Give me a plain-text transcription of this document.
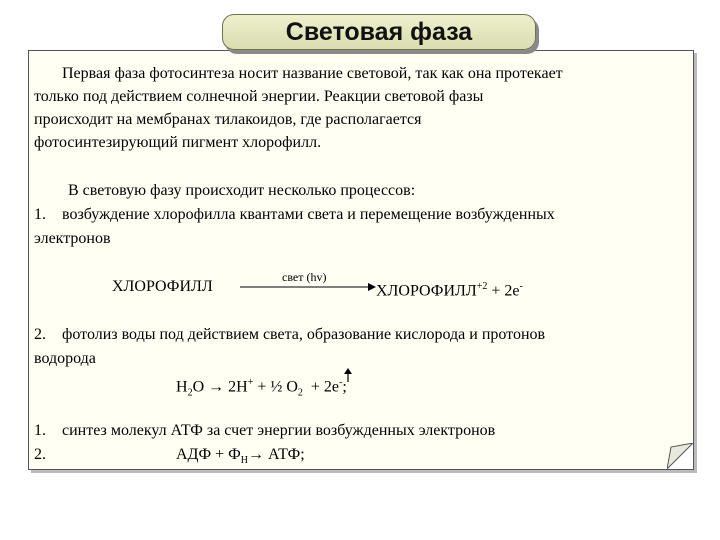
Световая фаза
Первая фаза фотосинтеза носит название световой, так как она протекает
только под действием солнечной энергии. Реакции световой фазы
происходит на мембранах тилакоидов, где располагается
фотосинтезирующий пигмент хлорофилл.
В световую фазу происходит несколько процессов:
1. возбуждение хлорофилла квантами света и перемещение возбужденных
электронов
ХЛОРОФИЛЛ
свет (hv)
$ХЛОРОФИЛЛ^{+2} + 2е^-$
2. фотолиз воды под действием света, образование кислорода и протонов
водорода
$H_2O \to 2H^+$ + ½ $O_2 + 2е^-$;
1. синтез молекул АТФ за счет энергии возбужденных электронов
2.	АДФ + $Ф_Н\to$ АТФ;
